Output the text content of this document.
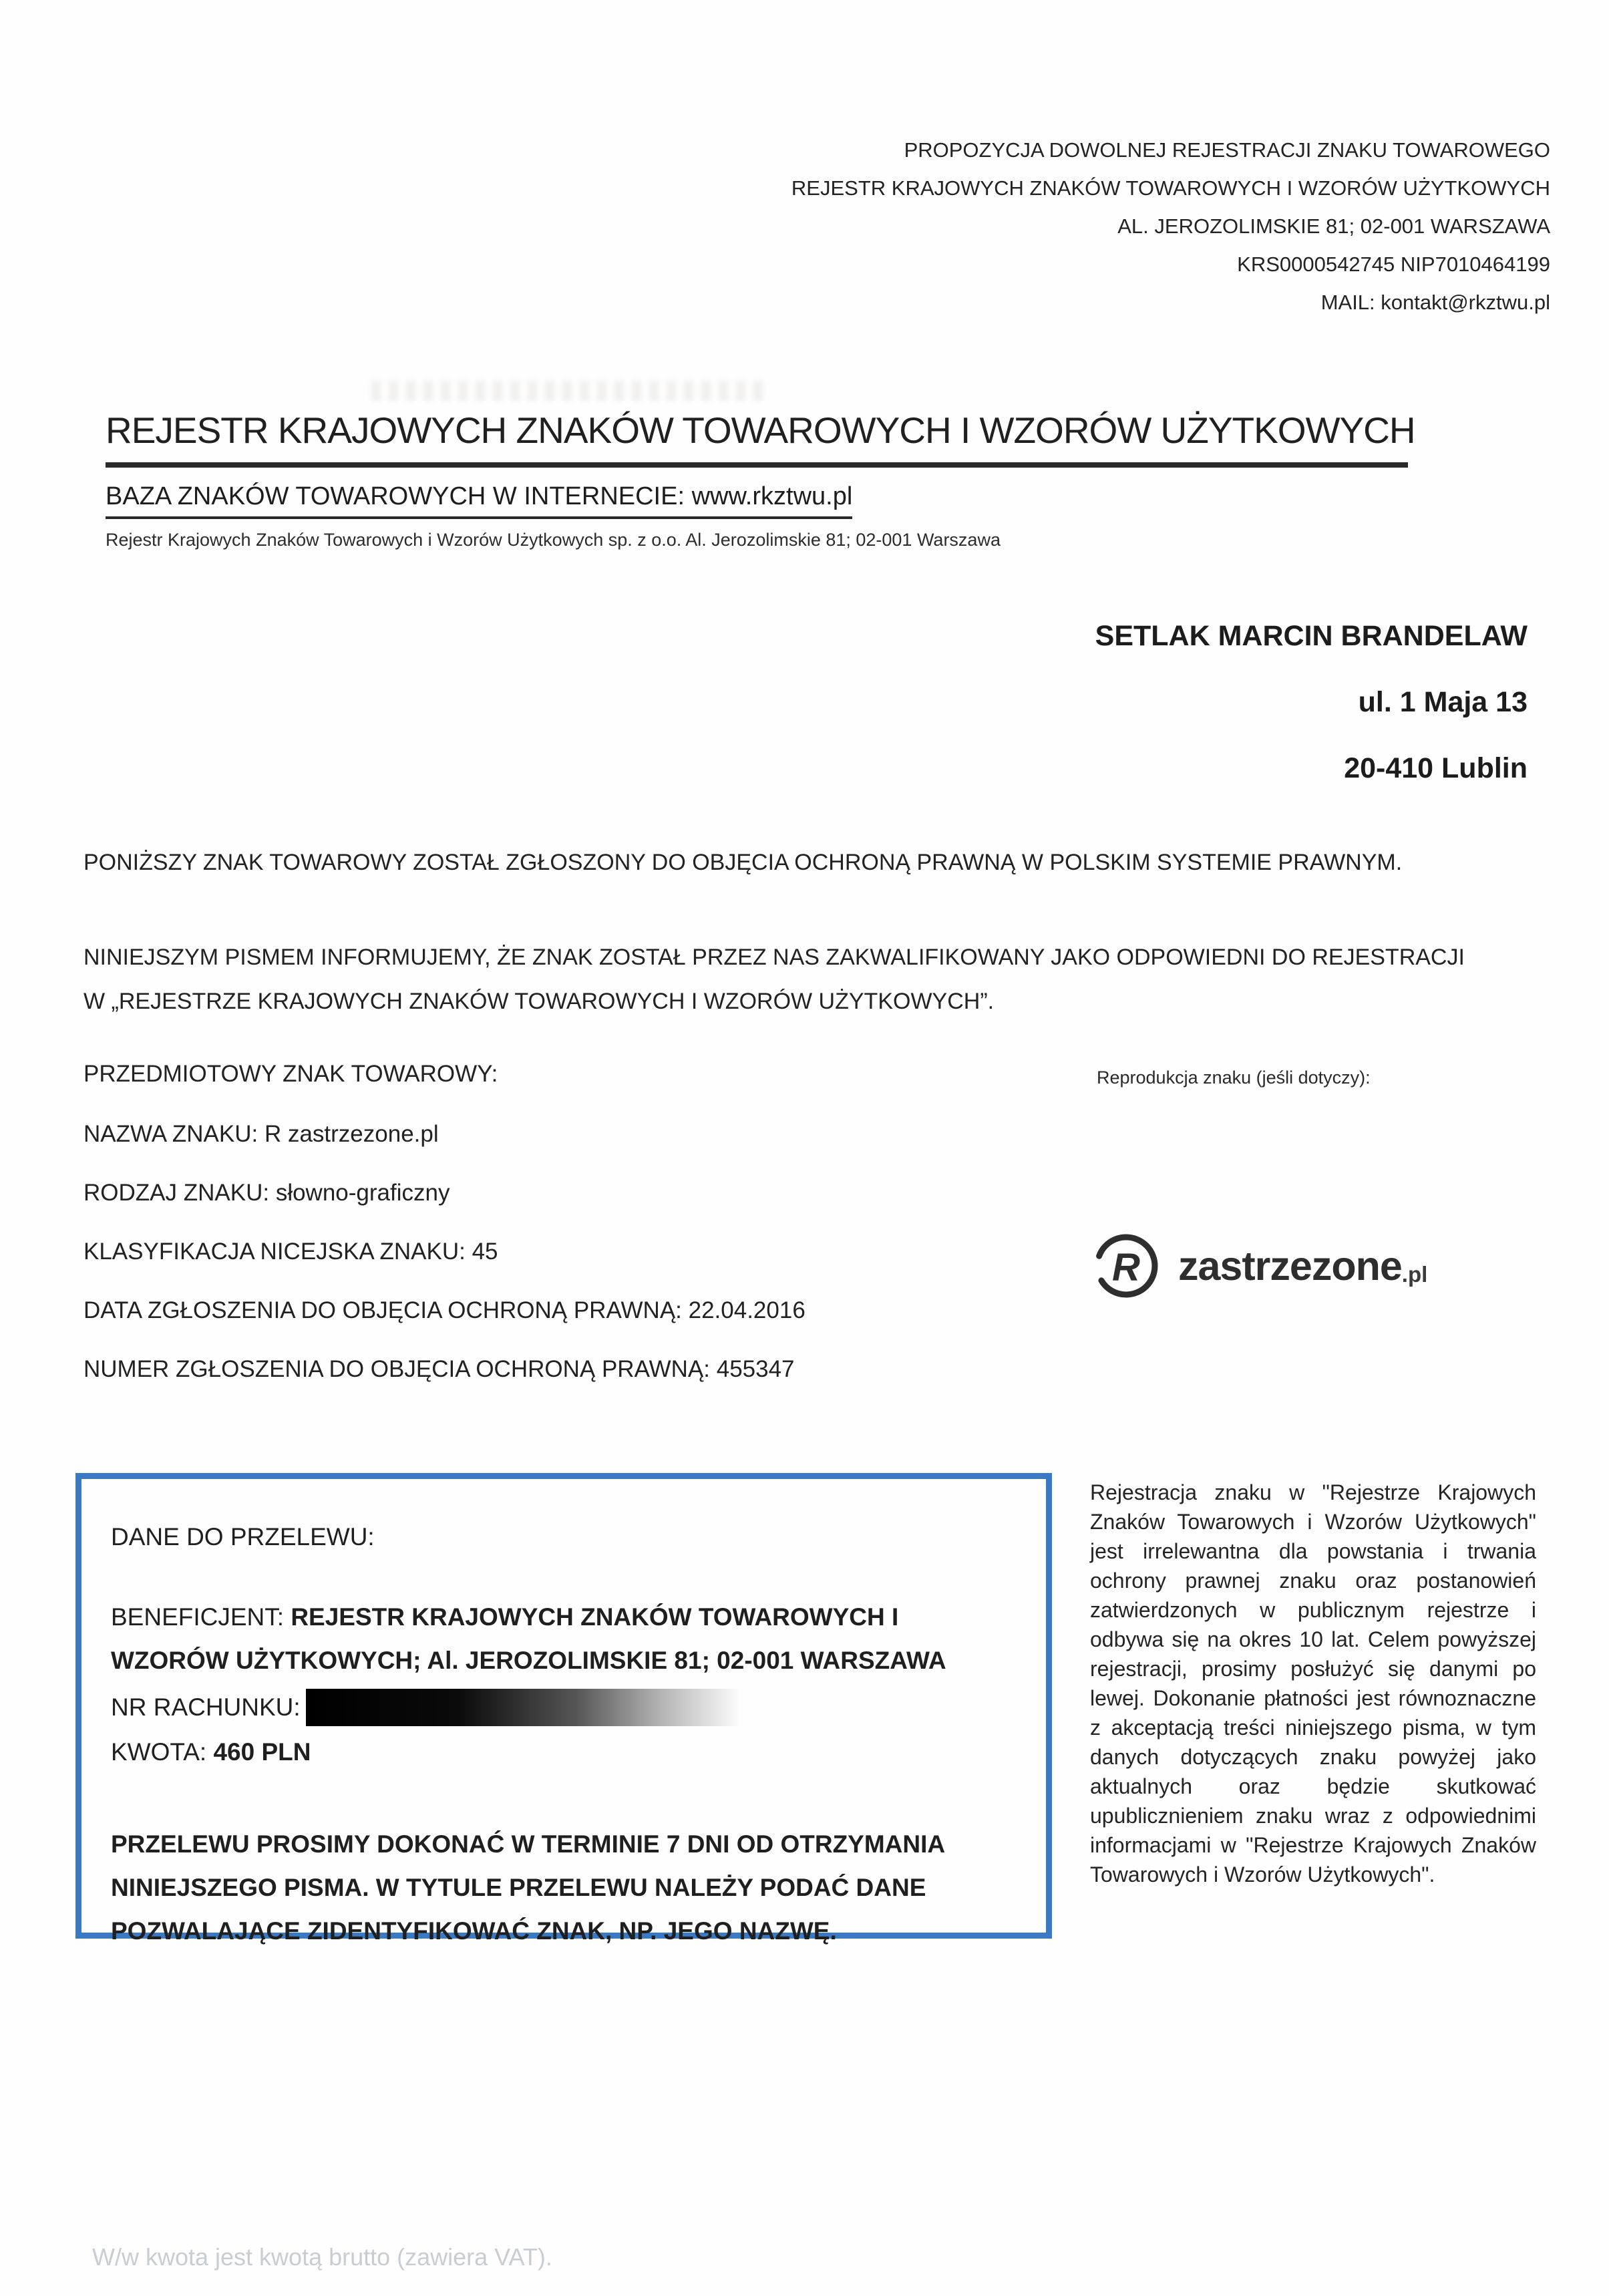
PROPOZYCJA DOWOLNEJ REJESTRACJI ZNAKU TOWAROWEGO
REJESTR KRAJOWYCH ZNAKÓW TOWAROWYCH I WZORÓW UŻYTKOWYCH
AL. JEROZOLIMSKIE 81; 02-001 WARSZAWA
KRS0000542745 NIP7010464199
MAIL: kontakt@rkztwu.pl
REJESTR KRAJOWYCH ZNAKÓW TOWAROWYCH I WZORÓW UŻYTKOWYCH
BAZA ZNAKÓW TOWAROWYCH W INTERNECIE: www.rkztwu.pl
Rejestr Krajowych Znaków Towarowych i Wzorów Użytkowych sp. z o.o. Al. Jerozolimskie 81; 02-001 Warszawa
SETLAK MARCIN BRANDELAW
ul. 1 Maja 13
20-410 Lublin
PONIŻSZY ZNAK TOWAROWY ZOSTAŁ ZGŁOSZONY DO OBJĘCIA OCHRONĄ PRAWNĄ W POLSKIM SYSTEMIE PRAWNYM.
NINIEJSZYM PISMEM INFORMUJEMY, ŻE ZNAK ZOSTAŁ PRZEZ NAS ZAKWALIFIKOWANY JAKO ODPOWIEDNI DO REJESTRACJI W „REJESTRZE KRAJOWYCH ZNAKÓW TOWAROWYCH I WZORÓW UŻYTKOWYCH”.
PRZEDMIOTOWY ZNAK TOWAROWY:	Reprodukcja znaku (jeśli dotyczy):
NAZWA ZNAKU: R zastrzezone.pl
RODZAJ ZNAKU: słowno-graficzny
KLASYFIKACJA NICEJSKA ZNAKU: 45
DATA ZGŁOSZENIA DO OBJĘCIA OCHRONĄ PRAWNĄ: 22.04.2016
NUMER ZGŁOSZENIA DO OBJĘCIA OCHRONĄ PRAWNĄ: 455347
R zastrzezone .pl
DANE DO PRZELEWU:

BENEFICJENT: REJESTR KRAJOWYCH ZNAKÓW TOWAROWYCH I WZORÓW UŻYTKOWYCH; Al. JEROZOLIMSKIE 81; 02-001 WARSZAWA

NR RACHUNKU:
KWOTA: 460 PLN
PRZELEWU PROSIMY DOKONAĆ W TERMINIE 7 DNI OD OTRZYMANIA NINIEJSZEGO PISMA. W TYTULE PRZELEWU NALEŻY PODAĆ DANE POZWALAJĄCE ZIDENTYFIKOWAĆ ZNAK, NP. JEGO NAZWĘ.
Rejestracja znaku w "Rejestrze Krajowych Znaków Towarowych i Wzorów Użytkowych" jest irrelewantna dla powstania i trwania ochrony prawnej znaku oraz postanowień zatwierdzonych w publicznym rejestrze i odbywa się na okres 10 lat. Celem powyższej rejestracji, prosimy posłużyć się danymi po lewej. Dokonanie płatności jest równoznaczne z akceptacją treści niniejszego pisma, w tym danych dotyczących znaku powyżej jako aktualnych oraz będzie skutkować upublicznieniem znaku wraz z odpowiednimi informacjami w "Rejestrze Krajowych Znaków Towarowych i Wzorów Użytkowych".
W/w kwota jest kwotą brutto (zawiera VAT).
